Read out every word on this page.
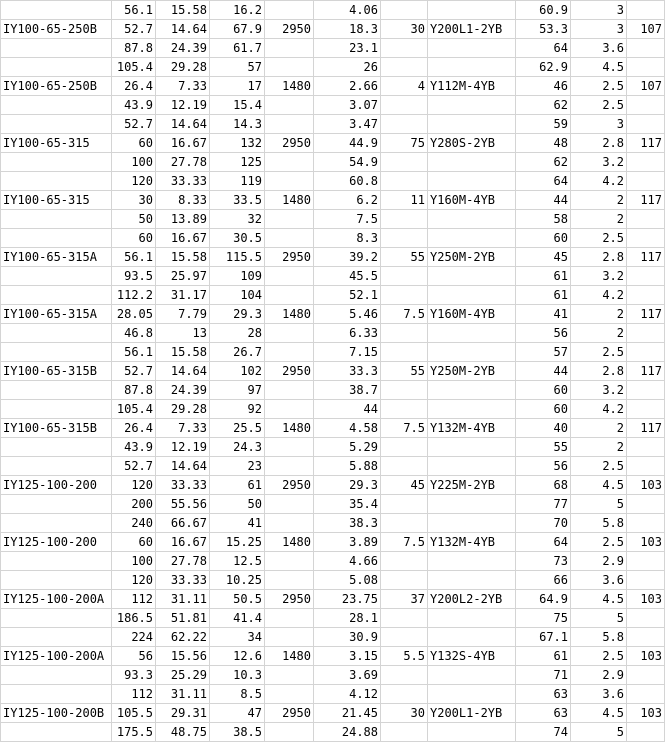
	56.1	15.58	16.2		4.06			60.9	3	
IY100-65-250B	52.7	14.64	67.9	2950	18.3	30	Y200L1-2YB	53.3	3	107
	87.8	24.39	61.7		23.1			64	3.6	
	105.4	29.28	57		26			62.9	4.5	
IY100-65-250B	26.4	7.33	17	1480	2.66	4	Y112M-4YB	46	2.5	107
	43.9	12.19	15.4		3.07			62	2.5	
	52.7	14.64	14.3		3.47			59	3	
IY100-65-315	60	16.67	132	2950	44.9	75	Y280S-2YB	48	2.8	117
	100	27.78	125		54.9			62	3.2	
	120	33.33	119		60.8			64	4.2	
IY100-65-315	30	8.33	33.5	1480	6.2	11	Y160M-4YB	44	2	117
	50	13.89	32		7.5			58	2	
	60	16.67	30.5		8.3			60	2.5	
IY100-65-315A	56.1	15.58	115.5	2950	39.2	55	Y250M-2YB	45	2.8	117
	93.5	25.97	109		45.5			61	3.2	
	112.2	31.17	104		52.1			61	4.2	
IY100-65-315A	28.05	7.79	29.3	1480	5.46	7.5	Y160M-4YB	41	2	117
	46.8	13	28		6.33			56	2	
	56.1	15.58	26.7		7.15			57	2.5	
IY100-65-315B	52.7	14.64	102	2950	33.3	55	Y250M-2YB	44	2.8	117
	87.8	24.39	97		38.7			60	3.2	
	105.4	29.28	92		44			60	4.2	
IY100-65-315B	26.4	7.33	25.5	1480	4.58	7.5	Y132M-4YB	40	2	117
	43.9	12.19	24.3		5.29			55	2	
	52.7	14.64	23		5.88			56	2.5	
IY125-100-200	120	33.33	61	2950	29.3	45	Y225M-2YB	68	4.5	103
	200	55.56	50		35.4			77	5	
	240	66.67	41		38.3			70	5.8	
IY125-100-200	60	16.67	15.25	1480	3.89	7.5	Y132M-4YB	64	2.5	103
	100	27.78	12.5		4.66			73	2.9	
	120	33.33	10.25		5.08			66	3.6	
IY125-100-200A	112	31.11	50.5	2950	23.75	37	Y200L2-2YB	64.9	4.5	103
	186.5	51.81	41.4		28.1			75	5	
	224	62.22	34		30.9			67.1	5.8	
IY125-100-200A	56	15.56	12.6	1480	3.15	5.5	Y132S-4YB	61	2.5	103
	93.3	25.29	10.3		3.69			71	2.9	
	112	31.11	8.5		4.12			63	3.6	
IY125-100-200B	105.5	29.31	47	2950	21.45	30	Y200L1-2YB	63	4.5	103
	175.5	48.75	38.5		24.88			74	5	
